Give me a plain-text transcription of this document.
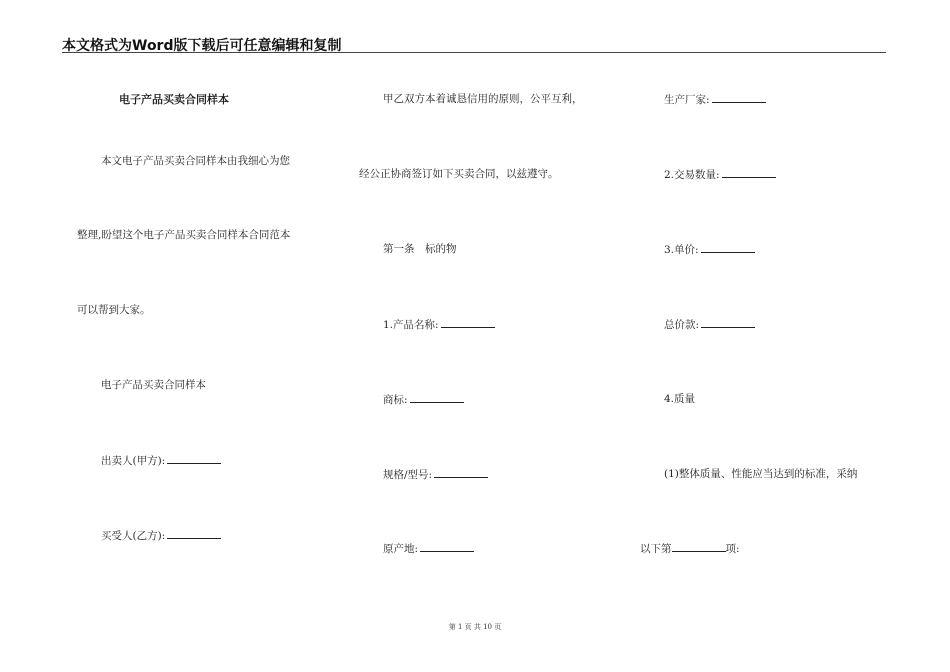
本文格式为Word版下载后可任意编辑和复制
电子产品买卖合同样本
本文电子产品买卖合同样本由我细心为您
整理,盼望这个电子产品买卖合同样本合同范本
可以帮到大家。
电子产品买卖合同样本
出卖人(甲方):
买受人(乙方):
甲乙双方本着诚恳信用的原则，公平互利，
经公正协商签订如下买卖合同，以兹遵守。
第一条　标的物
1.产品名称:
商标:
规格/型号:
原产地:
生产厂家:
2.交易数量:
3.单价:
总价款:
4.质量
(1)整体质量、性能应当达到的标准，采纳
以下第	项:
第 1 页 共 10 页
